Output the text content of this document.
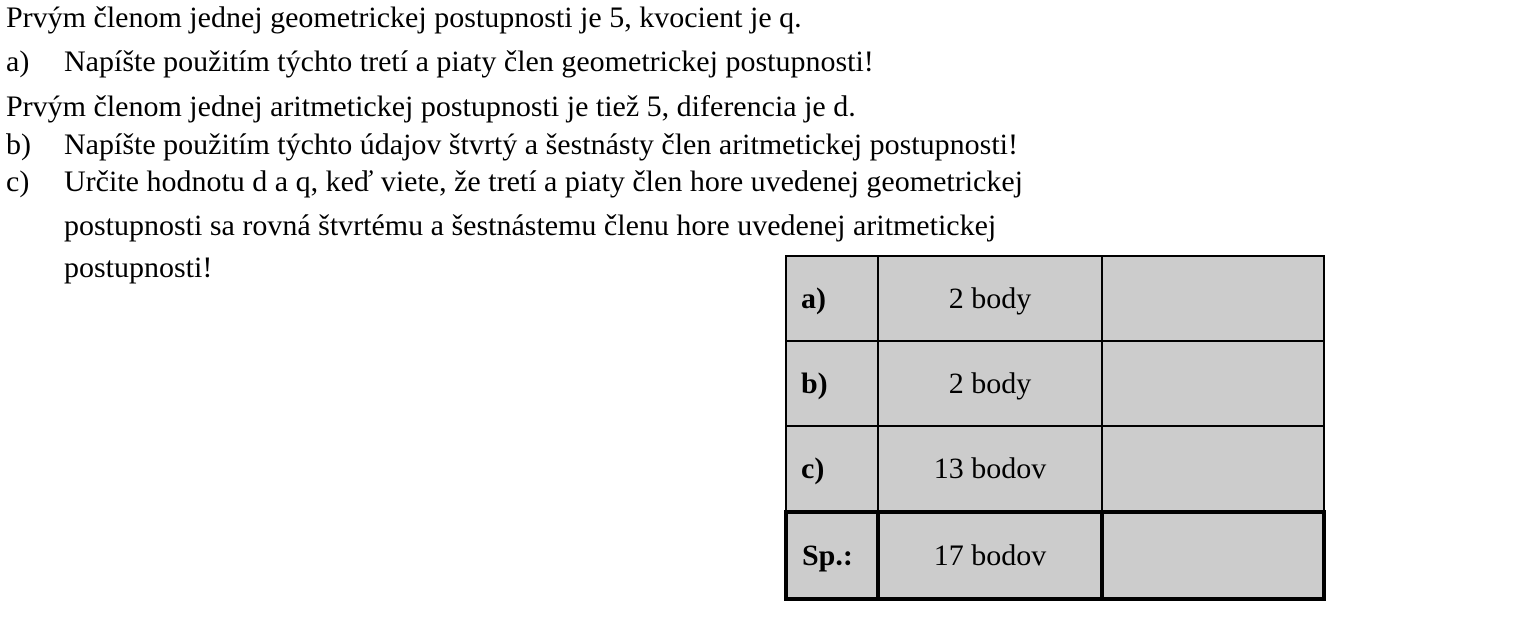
Prvým členom jednej geometrickej postupnosti je 5, kvocient je q.
a) Napíšte použitím týchto tretí a piaty člen geometrickej postupnosti!
Prvým členom jednej aritmetickej postupnosti je tiež 5, diferencia je d.
b) Napíšte použitím týchto údajov štvrtý a šestnásty člen aritmetickej postupnosti!
c) Určite hodnotu d a q, keď viete, že tretí a piaty člen hore uvedenej geometrickej
postupnosti sa rovná štvrtému a šestnástemu členu hore uvedenej aritmetickej
postupnosti!
a)	2 body	
b)	2 body	
c)	13 bodov	
Sp.:	17 bodov	
